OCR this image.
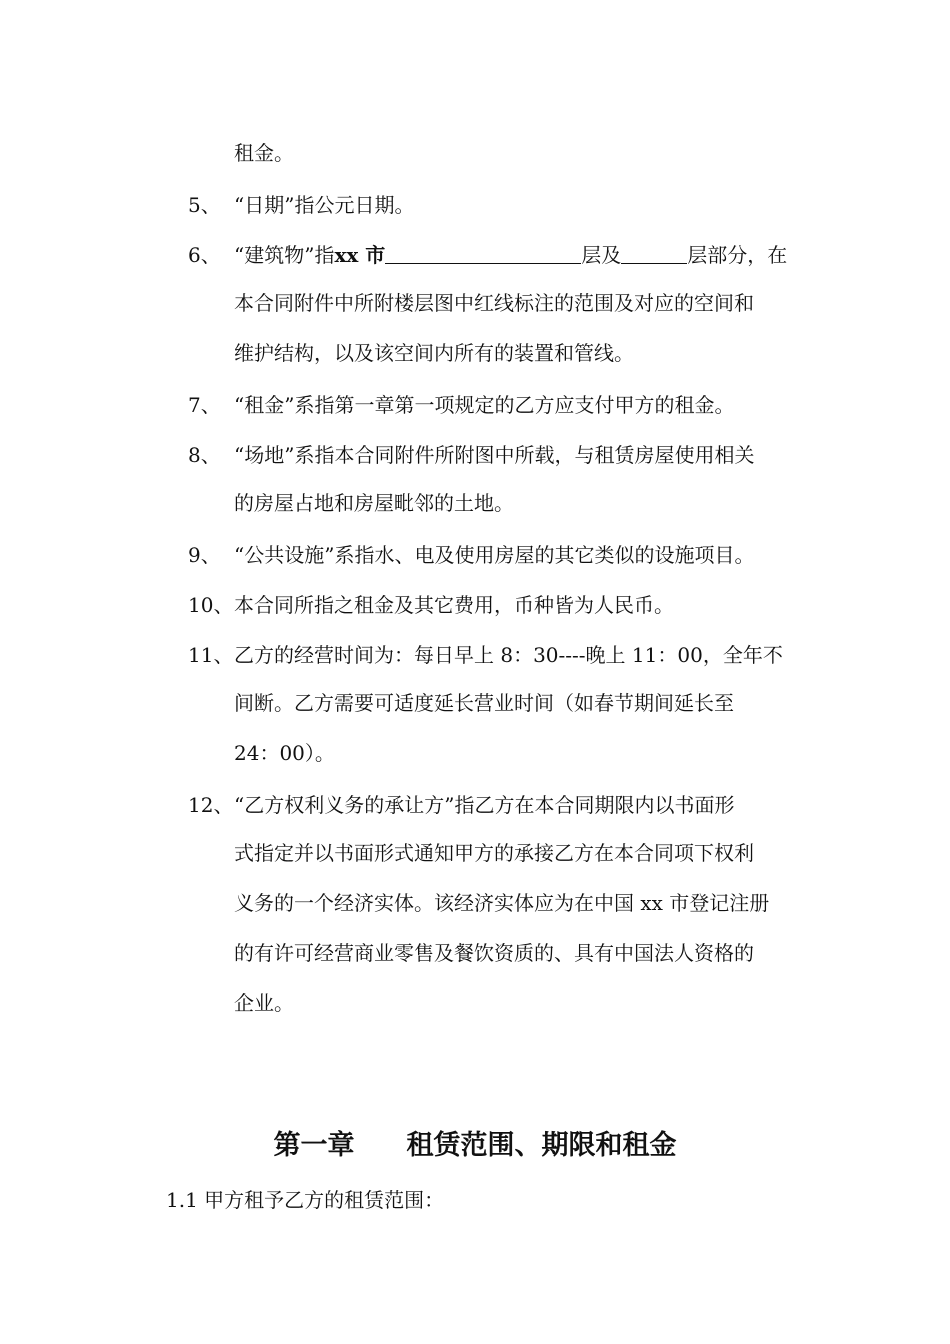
租金。
5、 “日期”指公元日期。
6、 “建筑物”指xx 市	层及	层部分，在
本合同附件中所附楼层图中红线标注的范围及对应的空间和
维护结构，以及该空间内所有的装置和管线。
7、 “租金”系指第一章第一项规定的乙方应支付甲方的租金。
8、 “场地”系指本合同附件所附图中所载，与租赁房屋使用相关
的房屋占地和房屋毗邻的土地。
9、 “公共设施”系指水、电及使用房屋的其它类似的设施项目。
10、本合同所指之租金及其它费用，币种皆为人民币。
11、乙方的经营时间为：每日早上 8：30----晚上 11：00，全年不
间断。乙方需要可适度延长营业时间（如春节期间延长至
24：00）。
12、“乙方权利义务的承让方”指乙方在本合同期限内以书面形
式指定并以书面形式通知甲方的承接乙方在本合同项下权利
义务的一个经济实体。该经济实体应为在中国 xx 市登记注册
的有许可经营商业零售及餐饮资质的、具有中国法人资格的
企业。
第一章 租赁范围、期限和租金
1.1 甲方租予乙方的租赁范围：
